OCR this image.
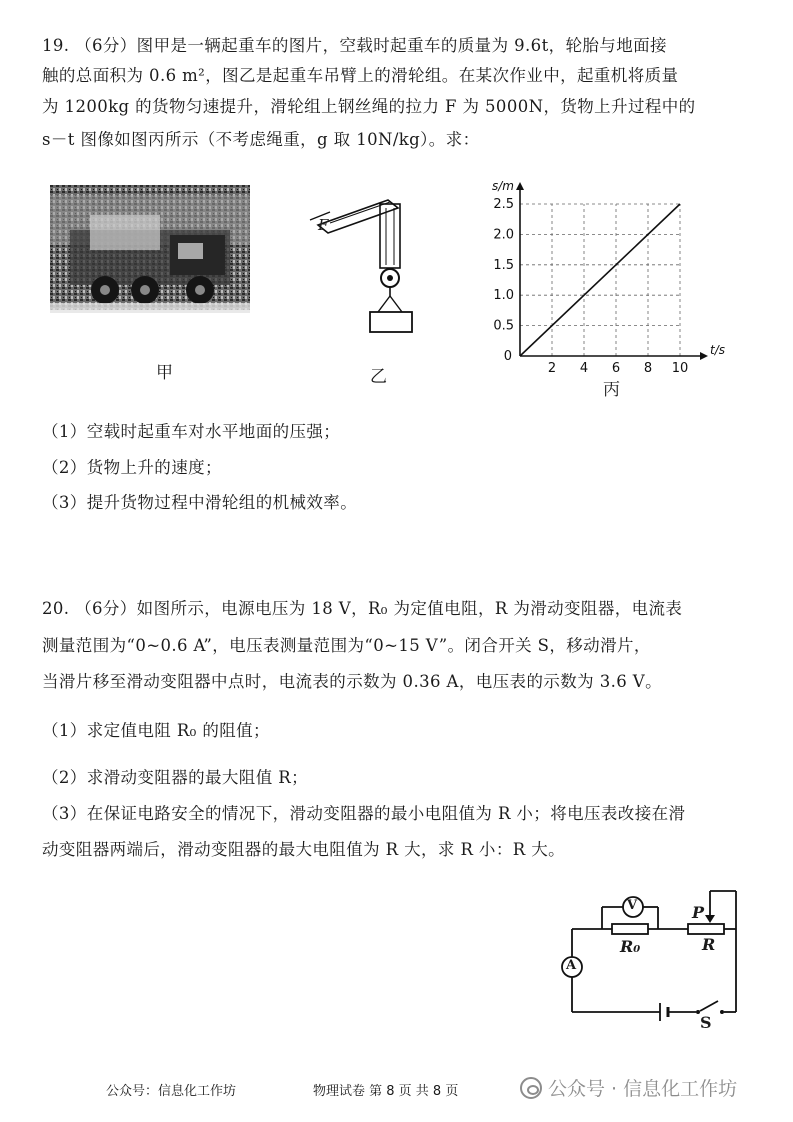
19. （6分）图甲是一辆起重车的图片，空载时起重车的质量为 9.6t，轮胎与地面接
触的总面积为 0.6 m²，图乙是起重车吊臂上的滑轮组。在某次作业中，起重机将质量
为 1200kg 的货物匀速提升，滑轮组上钢丝绳的拉力 F 为 5000N，货物上升过程中的
s－t 图像如图丙所示（不考虑绳重，g 取 10N/kg）。求：
甲
F
乙	2 4 6 8 10
0.5
1.0
1.5
2.0
2.5
0	t/s
s/m
丙
（1）空载时起重车对水平地面的压强；
（2）货物上升的速度；
（3）提升货物过程中滑轮组的机械效率。
20. （6分）如图所示，电源电压为 18 V，R₀ 为定值电阻，R 为滑动变阻器，电流表
测量范围为“0~0.6 A”，电压表测量范围为“0~15 V”。闭合开关 S，移动滑片，
当滑片移至滑动变阻器中点时，电流表的示数为 0.36 A，电压表的示数为 3.6 V。
（1）求定值电阻 R₀ 的阻值；
（2）求滑动变阻器的最大阻值 R；
（3）在保证电路安全的情况下，滑动变阻器的最小电阻值为 R 小；将电压表改接在滑
动变阻器两端后，滑动变阻器的最大电阻值为 R 大，求 R 小：R 大。
V
A
R₀	R
P
S
公众号：信息化工作坊	物理试卷 第 8 页 共 8 页	公众号 · 信息化工作坊
